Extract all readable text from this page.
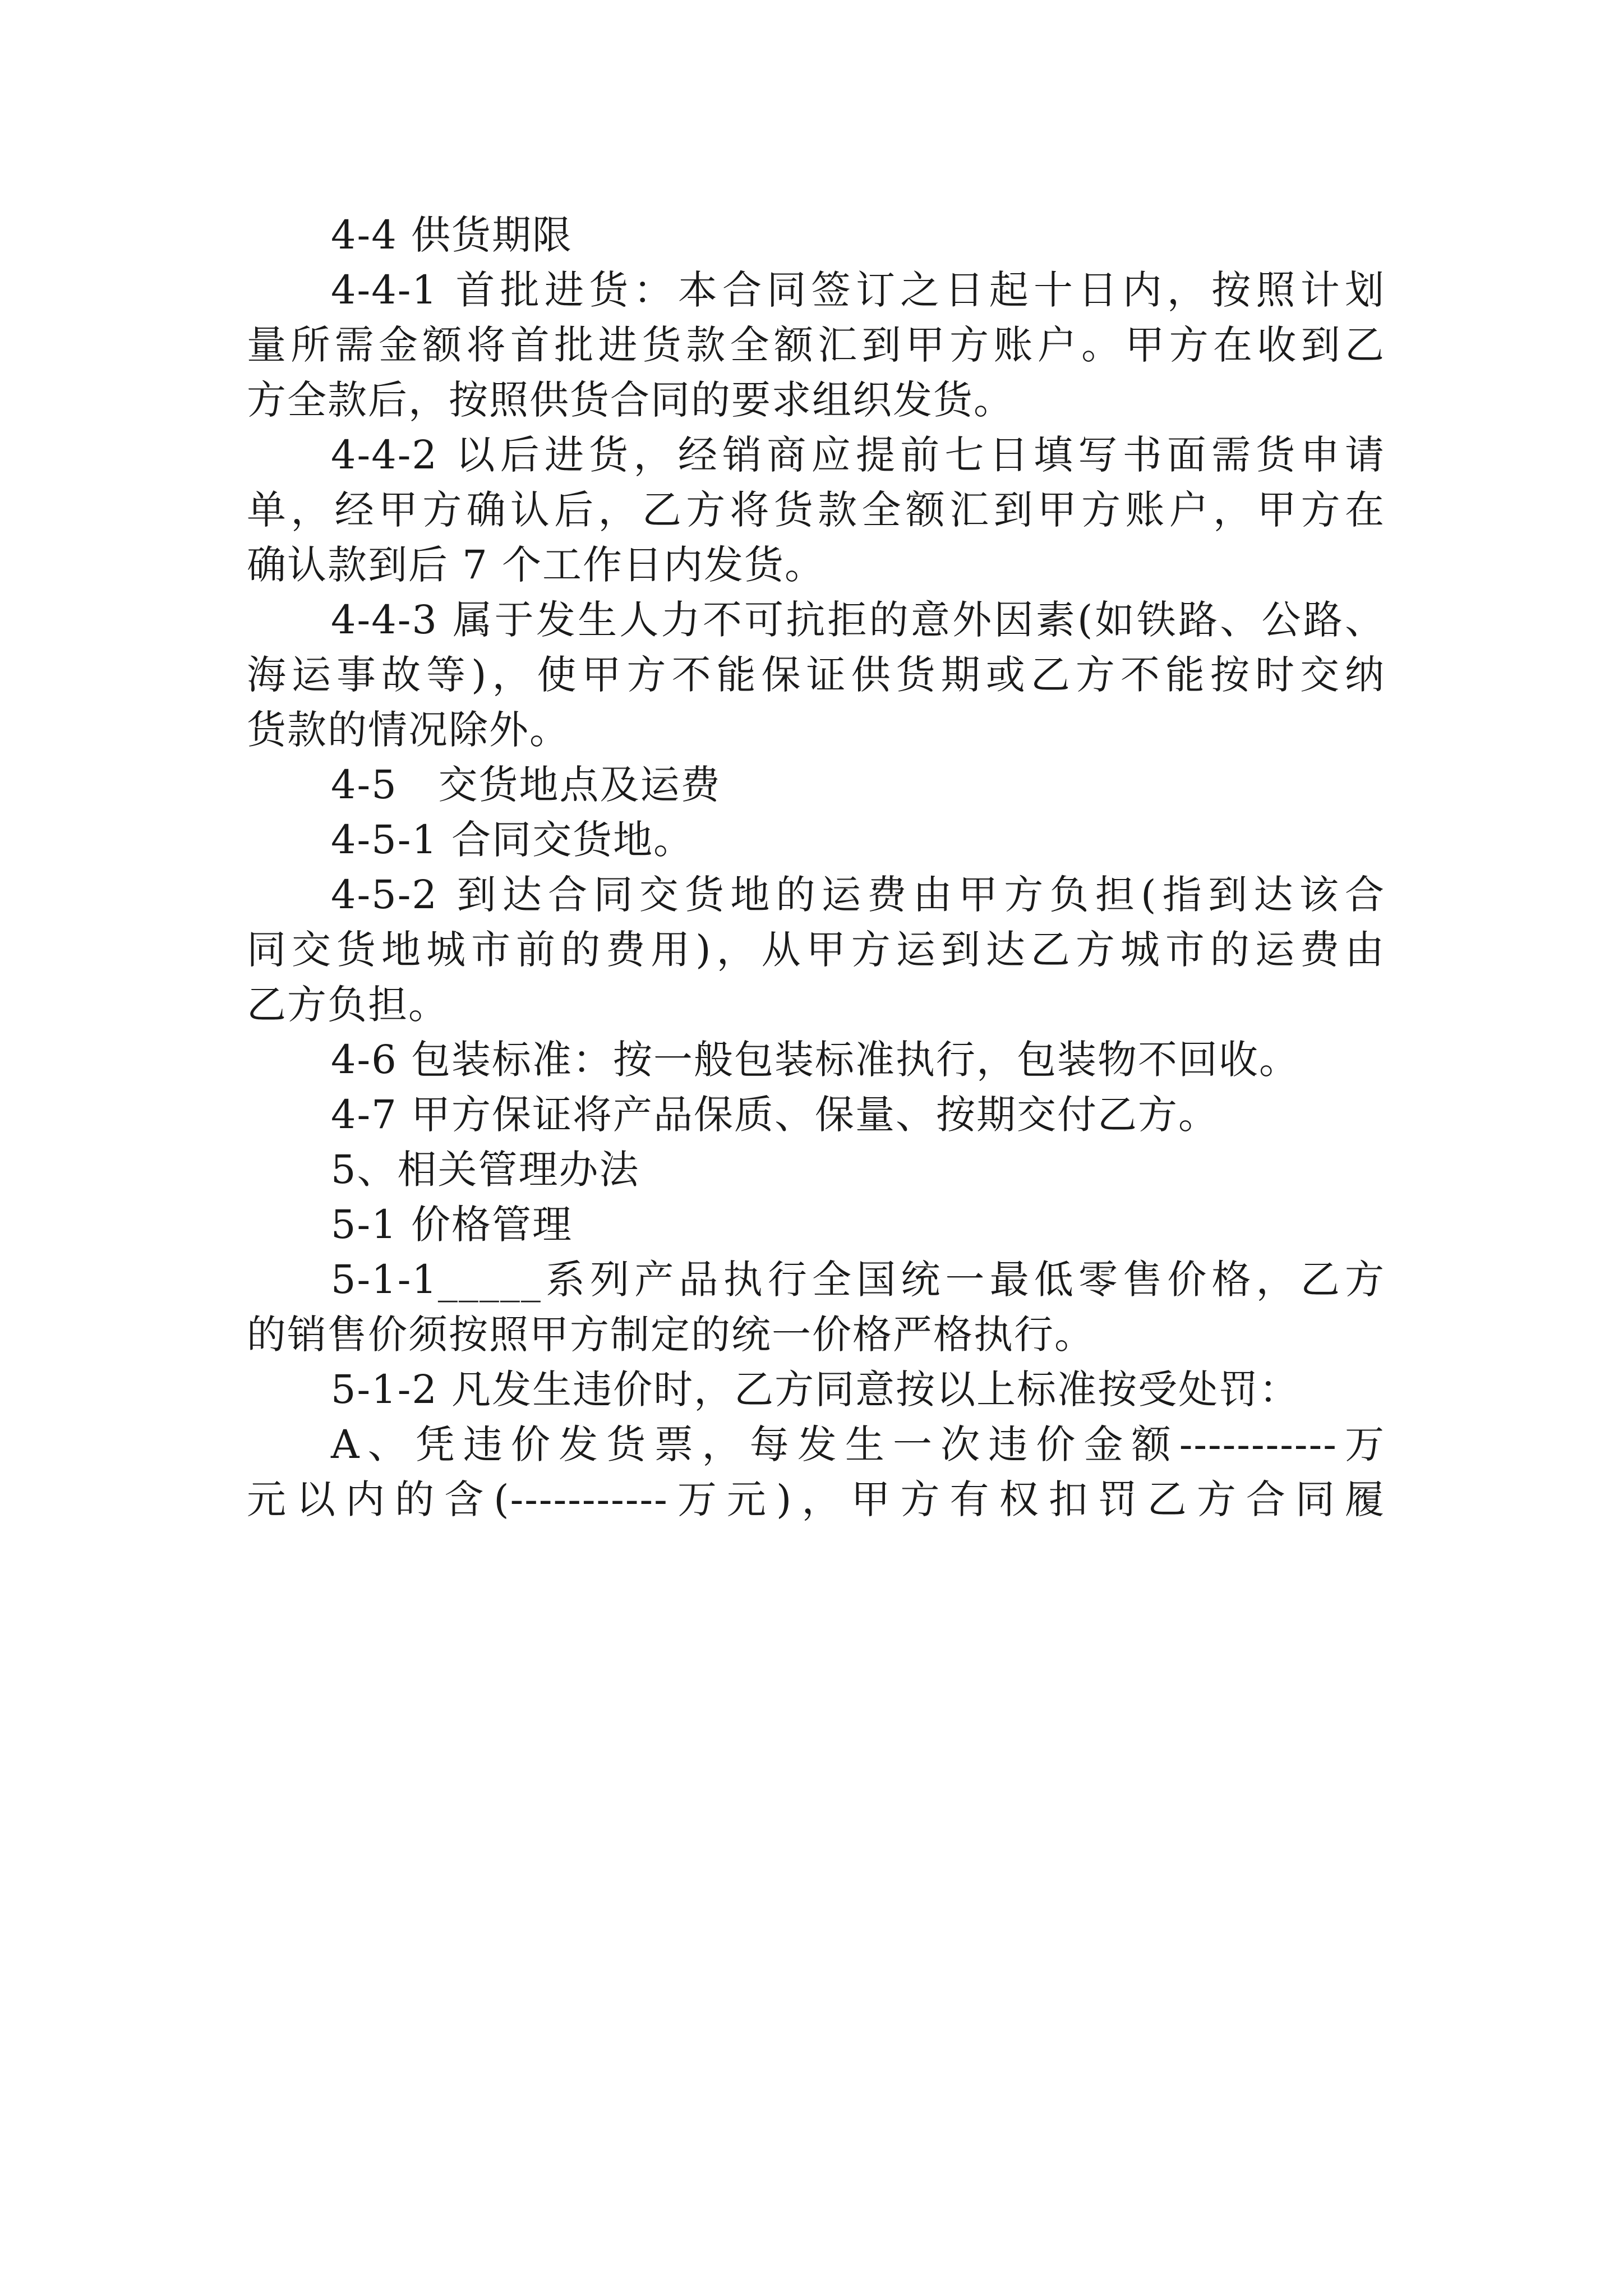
4-4 供货期限
4-4-1 首批进货：本合同签订之日起十日内，按照计划
量所需金额将首批进货款全额汇到甲方账户。甲方在收到乙
方全款后，按照供货合同的要求组织发货。
4-4-2 以后进货，经销商应提前七日填写书面需货申请
单，经甲方确认后，乙方将货款全额汇到甲方账户，甲方在
确认款到后 7 个工作日内发货。
4-4-3 属于发生人力不可抗拒的意外因素(如铁路、公路、
海运事故等)，使甲方不能保证供货期或乙方不能按时交纳
货款的情况除外。
4-5   交货地点及运费
4-5-1 合同交货地。
4-5-2 到达合同交货地的运费由甲方负担(指到达该合
同交货地城市前的费用)，从甲方运到达乙方城市的运费由
乙方负担。
4-6 包装标准：按一般包装标准执行，包装物不回收。
4-7 甲方保证将产品保质、保量、按期交付乙方。
5、相关管理办法
5-1 价格管理
5-1-1_____系列产品执行全国统一最低零售价格，乙方
的销售价须按照甲方制定的统一价格严格执行。
5-1-2 凡发生违价时，乙方同意按以上标准按受处罚：
A、凭违价发货票，每发生一次违价金额-----------万
元以内的含(-----------万元)，甲方有权扣罚乙方合同履
